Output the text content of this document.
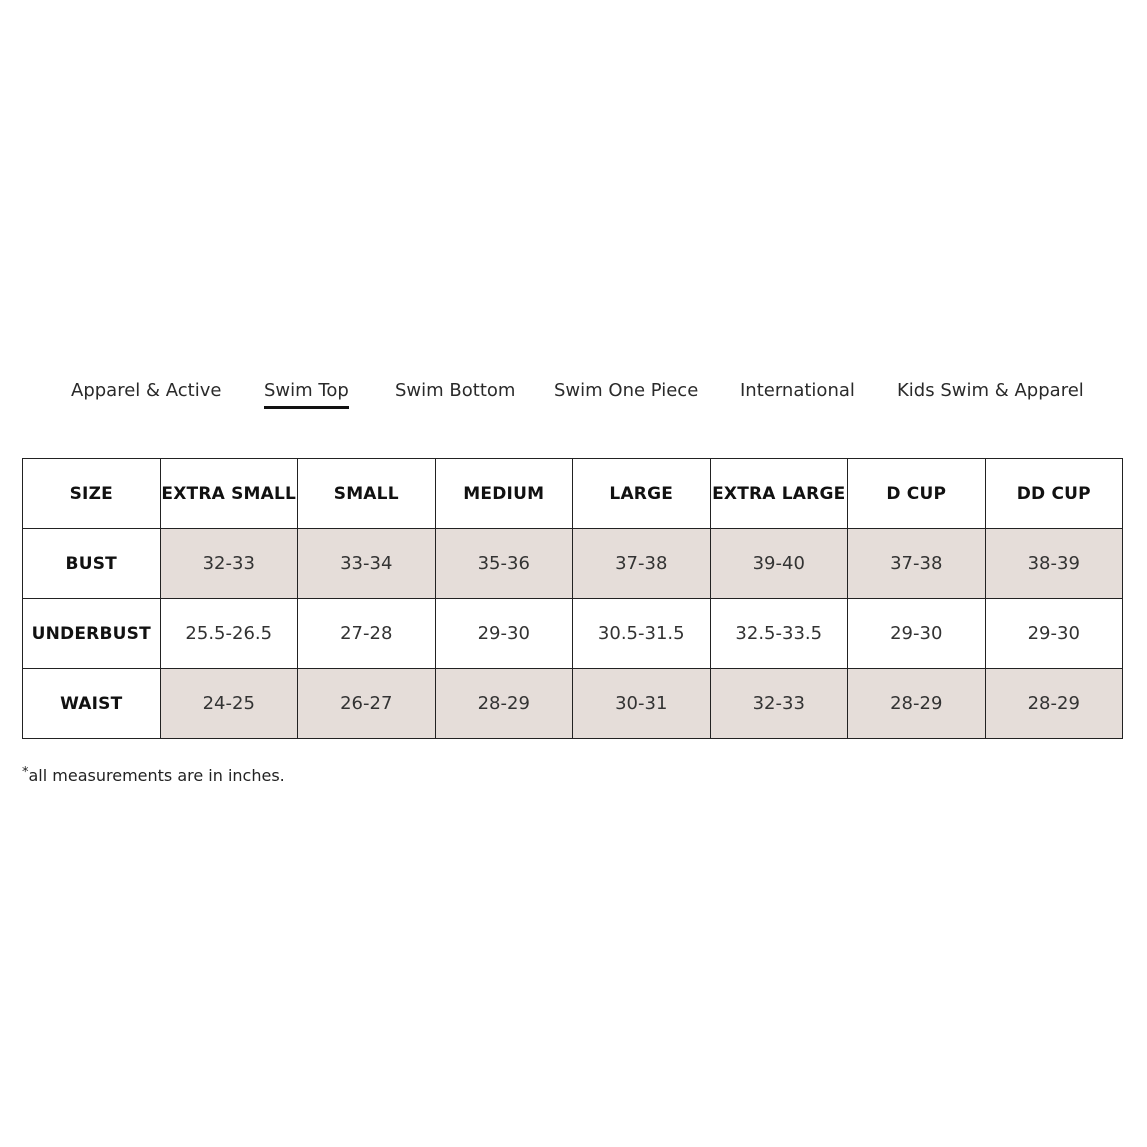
Apparel & Active Swim Top	Swim Bottom Swim One Piece International Kids Swim & Apparel
SIZE	EXTRA SMALL	SMALL	MEDIUM	LARGE	EXTRA LARGE	D CUP	DD CUP
BUST	32-33	33-34	35-36	37-38	39-40	37-38	38-39
UNDERBUST	25.5-26.5	27-28	29-30	30.5-31.5	32.5-33.5	29-30	29-30
WAIST	24-25	26-27	28-29	30-31	32-33	28-29	28-29
*all measurements are in inches.
